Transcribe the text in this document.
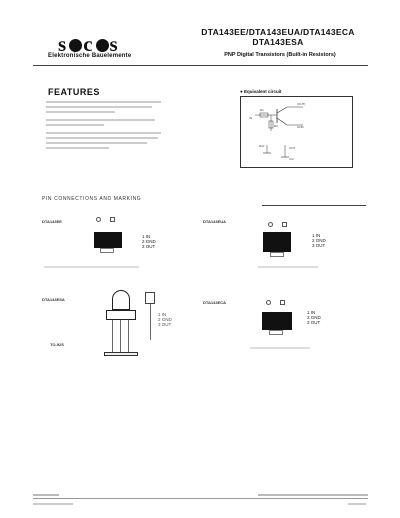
s c s
Elektronische Bauelemente
DTA143EE/DTA143EUA/DTA143ECA
DTA143ESA
PNP Digital Transistors (Built-in Resistors)
FEATURES	● Equivalent circuit
(OUT)
IN
R1
R2	GND
Rcd	OUT
Vcc
PIN CONNECTIONS AND MARKING
DTA143EE
1 IN
2 GND
3 OUT
DTA143EUA
1 IN
2 GND
3 OUT
DTA143ESA
1 IN
2 GND
3 OUT
TO-92S
DTA143ECA
1 IN
2 GND
3 OUT
